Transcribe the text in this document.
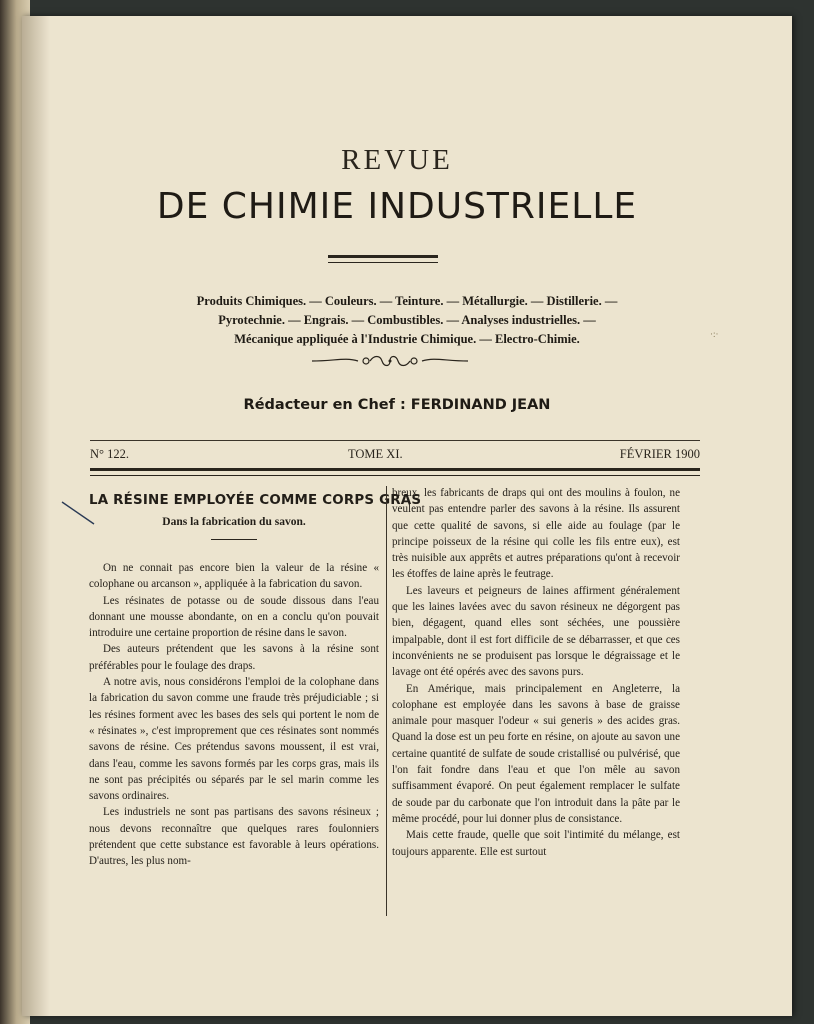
REVUE
DE CHIMIE INDUSTRIELLE
Produits Chimiques. — Couleurs. — Teinture. — Métallurgie. — Distillerie. —
Pyrotechnie. — Engrais. — Combustibles. — Analyses industrielles. —
Mécanique appliquée à l'Industrie Chimique. — Electro-Chimie.
Rédacteur en Chef : FERDINAND JEAN
N° 122.	TOME XI.	FÉVRIER 1900
·:·

LA RÉSINE EMPLOYÉE COMME CORPS GRAS

Dans la fabrication du savon.

On ne connait pas encore bien la valeur de la résine « colophane ou arcanson », appliquée à la fabrication du savon.

Les résinates de potasse ou de soude dissous dans l'eau donnant une mousse abondante, on en a conclu qu'on pouvait introduire une certaine proportion de résine dans le savon.

Des auteurs prétendent que les savons à la résine sont préférables pour le foulage des draps.

A notre avis, nous considérons l'emploi de la colophane dans la fabrication du savon comme une fraude très préjudiciable ; si les résines forment avec les bases des sels qui portent le nom de « résinates », c'est improprement que ces résinates sont nommés savons de résine. Ces prétendus savons moussent, il est vrai, dans l'eau, comme les savons formés par les corps gras, mais ils ne sont pas précipités ou séparés par le sel marin comme les savons ordinaires.

Les industriels ne sont pas partisans des savons résineux ; nous devons reconnaître que quelques rares foulonniers prétendent que cette substance est favorable à leurs opérations. D'autres, les plus nom-

breux, les fabricants de draps qui ont des moulins à foulon, ne veulent pas entendre parler des savons à la résine. Ils assurent que cette qualité de savons, si elle aide au foulage (par le principe poisseux de la résine qui colle les fils entre eux), est très nuisible aux apprêts et autres préparations qu'ont à recevoir les étoffes de laine après le feutrage.

Les laveurs et peigneurs de laines affirment généralement que les laines lavées avec du savon résineux ne dégorgent pas bien, dégagent, quand elles sont séchées, une poussière impalpable, dont il est fort difficile de se débarrasser, et que ces inconvénients ne se produisent pas lorsque le dégraissage et le lavage ont été opérés avec des savons purs.

En Amérique, mais principalement en Angleterre, la colophane est employée dans les savons à base de graisse animale pour masquer l'odeur « sui generis » des acides gras. Quand la dose est un peu forte en résine, on ajoute au savon une certaine quantité de sulfate de soude cristallisé ou pulvérisé, que l'on fait fondre dans l'eau et que l'on mêle au savon suffisamment évaporé. On peut également remplacer le sulfate de soude par du carbonate que l'on introduit dans la pâte par le même procédé, pour lui donner plus de consistance.

Mais cette fraude, quelle que soit l'intimité du mélange, est toujours apparente. Elle est surtout
